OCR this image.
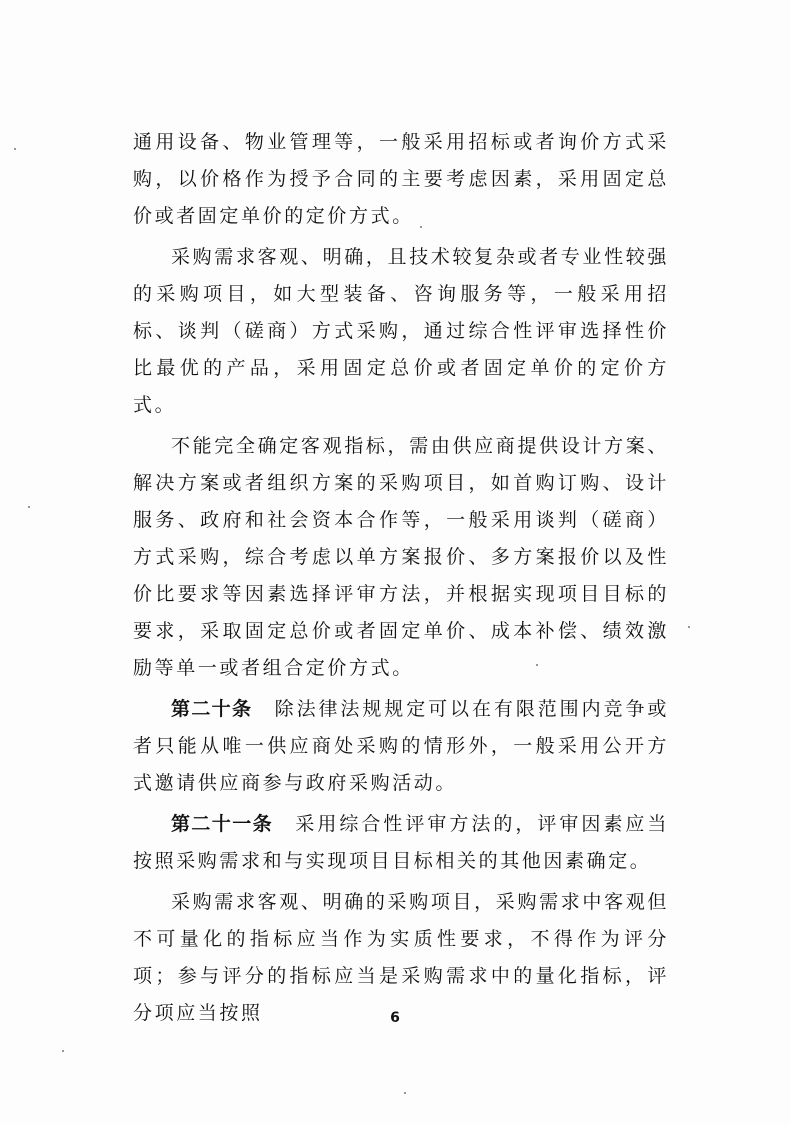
通用设备、物业管理等，一般采用招标或者询价方式采购，以价格作为授予合同的主要考虑因素，采用固定总价或者固定单价的定价方式。

采购需求客观、明确，且技术较复杂或者专业性较强的采购项目，如大型装备、咨询服务等，一般采用招标、谈判（磋商）方式采购，通过综合性评审选择性价比最优的产品，采用固定总价或者固定单价的定价方式。

不能完全确定客观指标，需由供应商提供设计方案、解决方案或者组织方案的采购项目，如首购订购、设计服务、政府和社会资本合作等，一般采用谈判（磋商）方式采购，综合考虑以单方案报价、多方案报价以及性价比要求等因素选择评审方法，并根据实现项目目标的要求，采取固定总价或者固定单价、成本补偿、绩效激励等单一或者组合定价方式。

第二十条 除法律法规规定可以在有限范围内竞争或者只能从唯一供应商处采购的情形外，一般采用公开方式邀请供应商参与政府采购活动。

第二十一条 采用综合性评审方法的，评审因素应当按照采购需求和与实现项目目标相关的其他因素确定。

采购需求客观、明确的采购项目，采购需求中客观但不可量化的指标应当作为实质性要求，不得作为评分项；参与评分的指标应当是采购需求中的量化指标，评分项应当按照	6
